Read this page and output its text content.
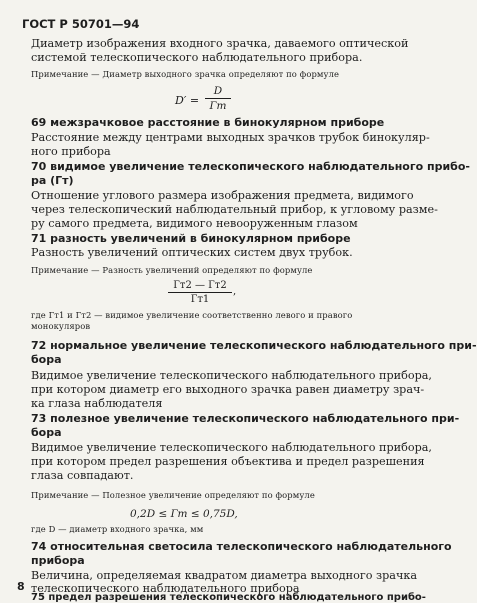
ГОСТ Р 50701—94
Диаметр изображения входного зрачка, даваемого оптической
системой телескопического наблюдательного прибора.
Примечание — Диаметр выходного зрачка определяют по формуле
D′ =
D
Гт
69 межзрачковое расстояние в бинокулярном приборе
Расстояние между центрами выходных зрачков трубок бинокуляр-
ного прибора
70 видимое увеличение телескопического наблюдательного прибо-
ра (Гт)
Отношение углового размера изображения предмета, видимого
через телескопический наблюдательный прибор, к угловому разме-
ру самого предмета, видимого невооруженным глазом
71 разность увеличений в бинокулярном приборе
Разность увеличений оптических систем двух трубок.
Примечание — Разность увеличений определяют по формуле
Гт2 — Гт2
Гт1
,
где Гт1 и Гт2 — видимое увеличение соответственно левого и правого
монокуляров
72 нормальное увеличение телескопического наблюдательного при-
бора
Видимое увеличение телескопического наблюдательного прибора,
при котором диаметр его выходного зрачка равен диаметру зрач-
ка глаза наблюдателя
73 полезное увеличение телескопического наблюдательного при-
бора
Видимое увеличение телескопического наблюдательного прибора,
при котором предел разрешения объектива и предел разрешения
глаза совпадают.
Примечание — Полезное увеличение определяют по формуле
0,2D ≤ Гт ≤ 0,75D,
где D — диаметр входного зрачка, мм
74 относительная светосила телескопического наблюдательного
прибора
Величина, определяемая квадратом диаметра выходного зрачка
телескопического наблюдательного прибора
75 предел разрешения телескопического наблюдательного прибо-
8
